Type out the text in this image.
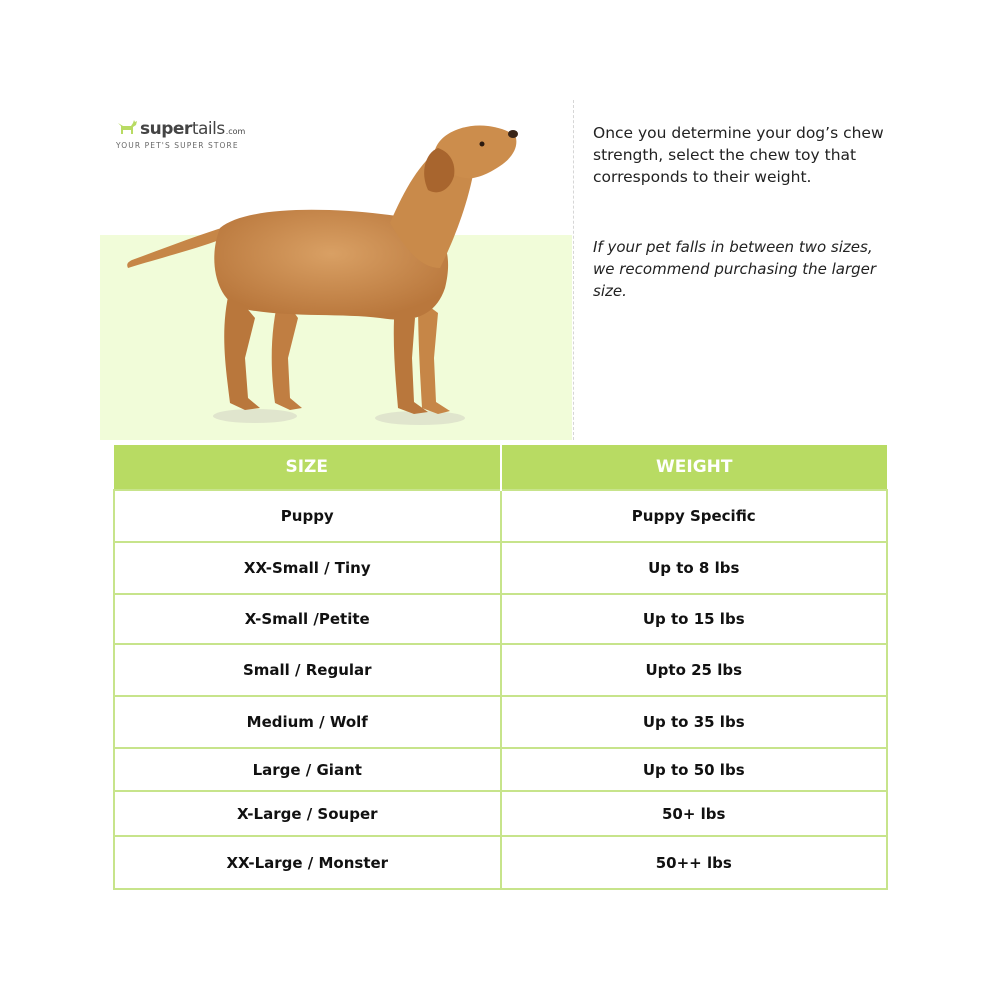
super tails .com
YOUR PET'S SUPER STORE
Once you determine your dog’s chew strength, select the chew toy that corresponds to their weight.
If your pet falls in between two sizes, we recommend purchasing the larger size.
SIZE	WEIGHT
Puppy	Puppy Specific
XX-Small / Tiny	Up to 8 lbs
X-Small /Petite	Up to 15 lbs
Small / Regular	Upto 25 lbs
Medium / Wolf	Up to 35 lbs
Large / Giant	Up to 50 lbs
X-Large / Souper	50+ lbs
XX-Large / Monster	50++ lbs
